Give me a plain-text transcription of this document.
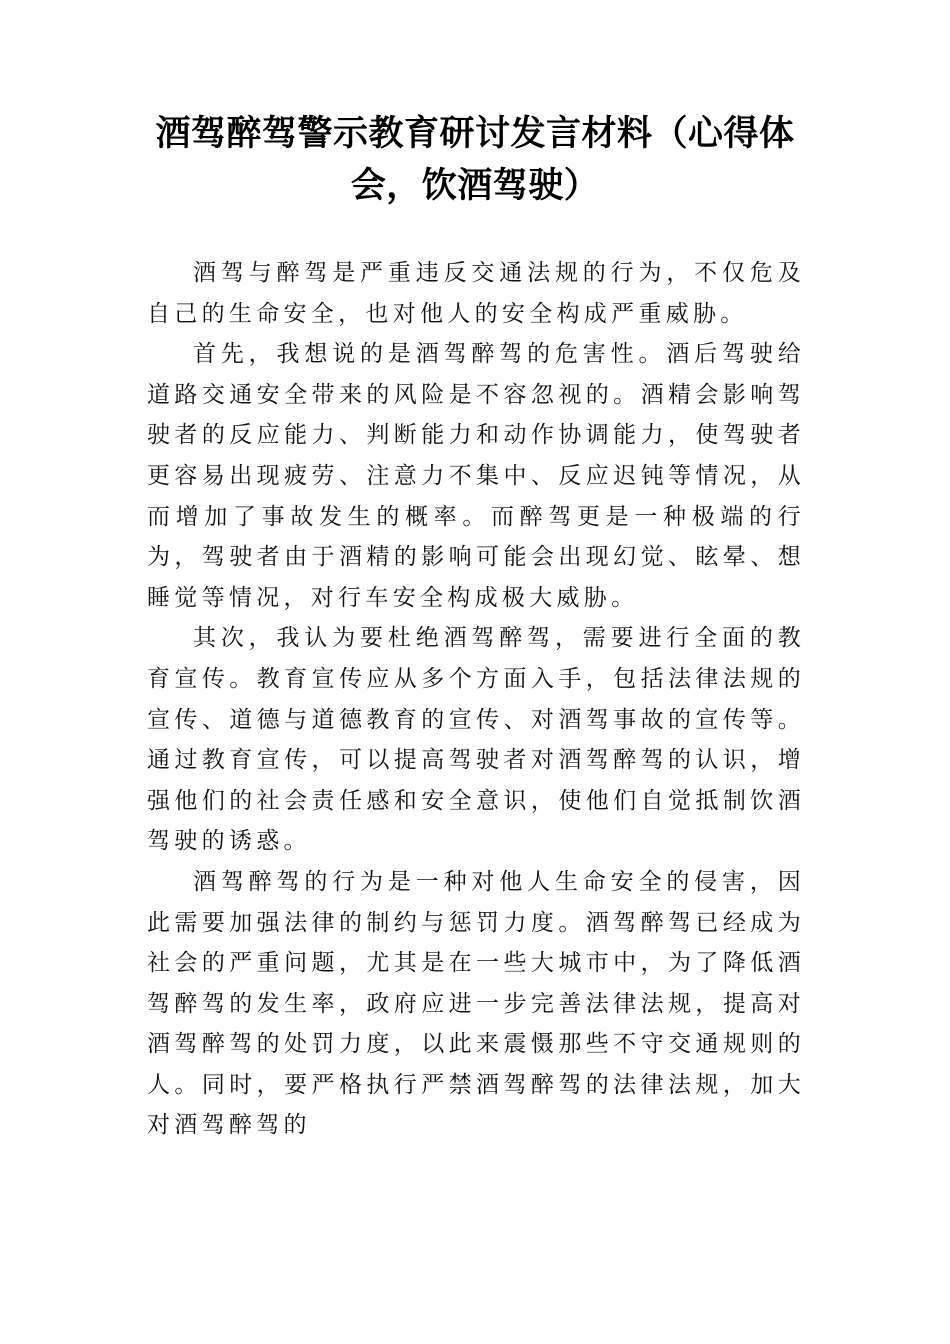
酒驾醉驾警示教育研讨发言材料（心得体会，饮酒驾驶）

酒驾与醉驾是严重违反交通法规的行为，不仅危及自己的生命安全，也对他人的安全构成严重威胁。

首先，我想说的是酒驾醉驾的危害性。酒后驾驶给道路交通安全带来的风险是不容忽视的。酒精会影响驾驶者的反应能力、判断能力和动作协调能力，使驾驶者更容易出现疲劳、注意力不集中、反应迟钝等情况，从而增加了事故发生的概率。而醉驾更是一种极端的行为，驾驶者由于酒精的影响可能会出现幻觉、眩晕、想睡觉等情况，对行车安全构成极大威胁。

其次，我认为要杜绝酒驾醉驾，需要进行全面的教育宣传。教育宣传应从多个方面入手，包括法律法规的宣传、道德与道德教育的宣传、对酒驾事故的宣传等。通过教育宣传，可以提高驾驶者对酒驾醉驾的认识，增强他们的社会责任感和安全意识，使他们自觉抵制饮酒驾驶的诱惑。

酒驾醉驾的行为是一种对他人生命安全的侵害，因此需要加强法律的制约与惩罚力度。酒驾醉驾已经成为社会的严重问题，尤其是在一些大城市中，为了降低酒驾醉驾的发生率，政府应进一步完善法律法规，提高对酒驾醉驾的处罚力度，以此来震慑那些不守交通规则的人。同时，要严格执行严禁酒驾醉驾的法律法规，加大对酒驾醉驾的
